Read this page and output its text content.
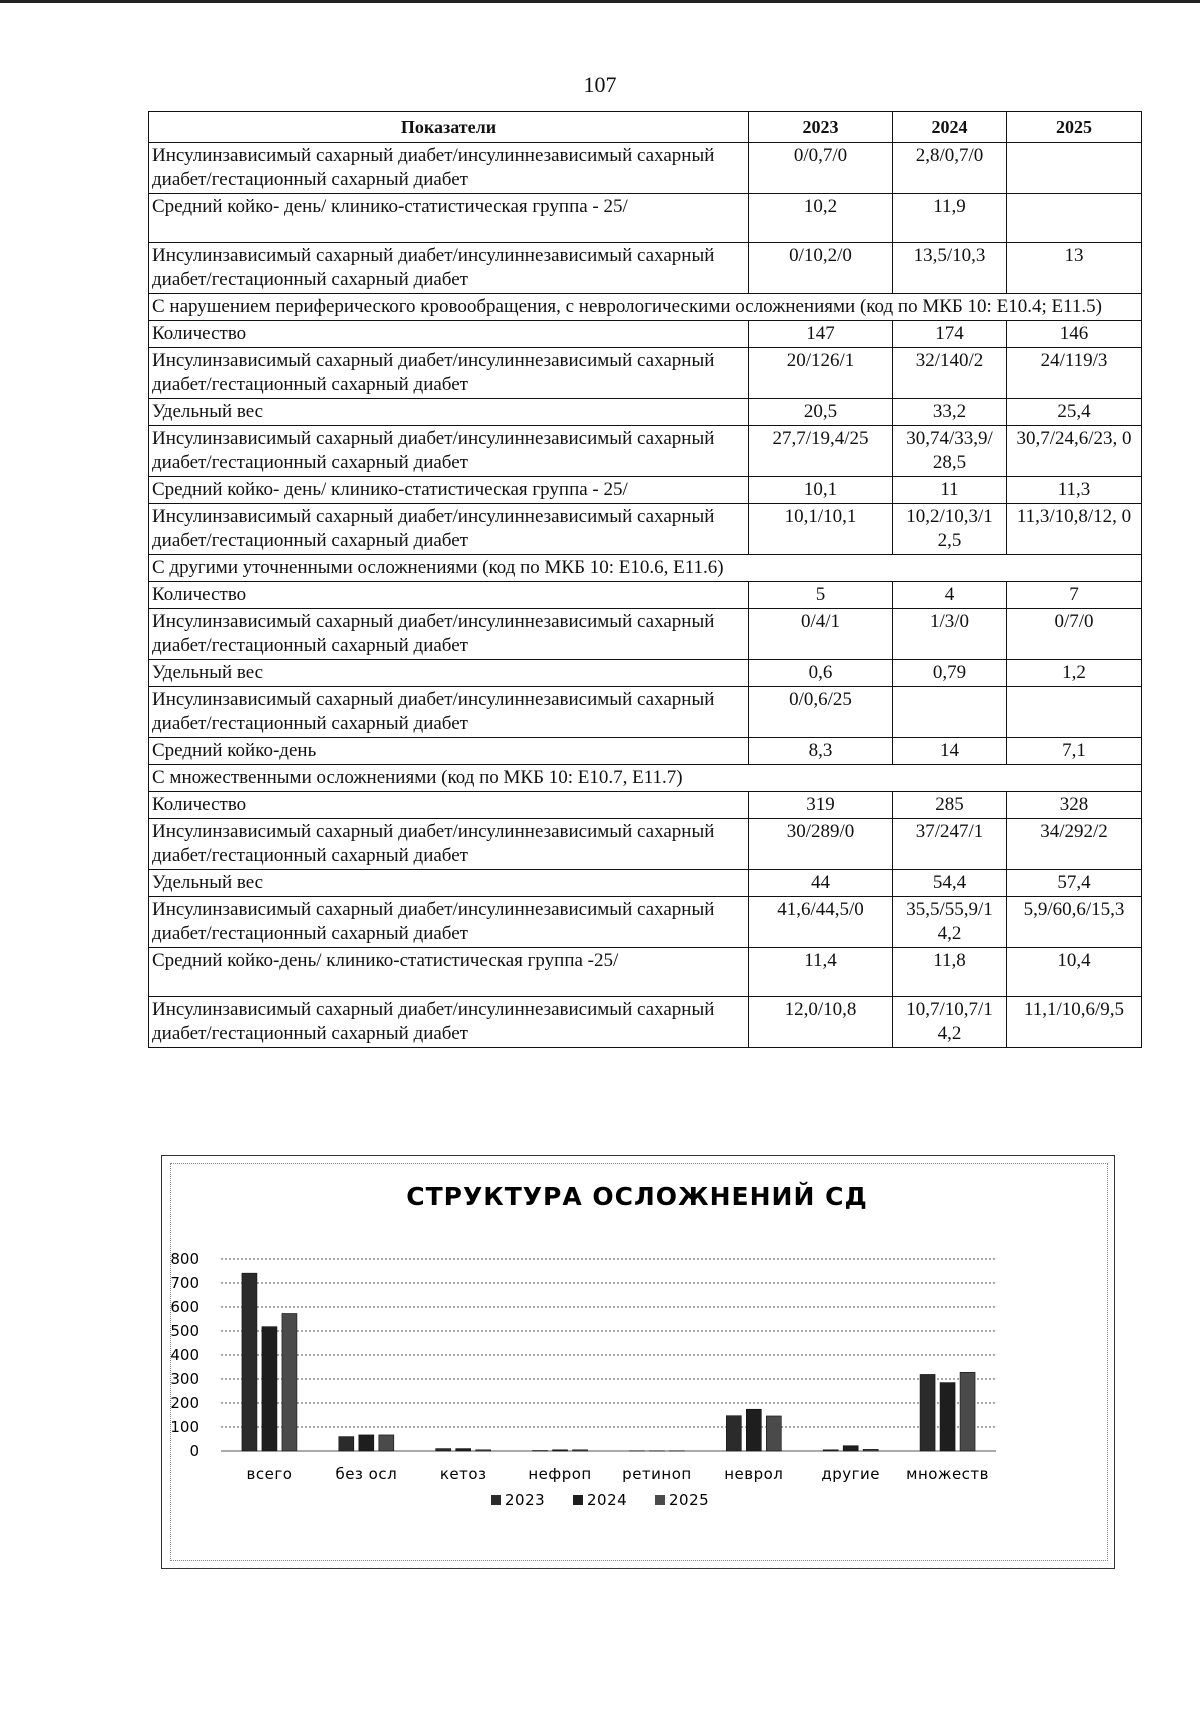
107
Показатели	2023	2024	2025
Инсулинзависимый сахарный диабет/инсулиннезависимый сахарный диабет/гестационный сахарный диабет	0/0,7/0	2,8/0,7/0	
Средний койко- день/ клинико-статистическая группа - 25/	10,2	11,9	
Инсулинзависимый сахарный диабет/инсулиннезависимый сахарный диабет/гестационный сахарный диабет	0/10,2/0	13,5/10,3	13
С нарушением периферического кровообращения, с неврологическими осложнениями (код по МКБ 10: E10.4; E11.5)			
Количество	147	174	146
Инсулинзависимый сахарный диабет/инсулиннезависимый сахарный диабет/гестационный сахарный диабет	20/126/1	32/140/2	24/119/3
Удельный вес	20,5	33,2	25,4
Инсулинзависимый сахарный диабет/инсулиннезависимый сахарный диабет/гестационный сахарный диабет	27,7/19,4/25	30,74/33,9/ 28,5	30,7/24,6/23, 0
Средний койко- день/ клинико-статистическая группа - 25/	10,1	11	11,3
Инсулинзависимый сахарный диабет/инсулиннезависимый сахарный диабет/гестационный сахарный диабет	10,1/10,1	10,2/10,3/1 2,5	11,3/10,8/12, 0
С другими уточненными осложнениями (код по МКБ 10: E10.6, E11.6)			
Количество	5	4	7
Инсулинзависимый сахарный диабет/инсулиннезависимый сахарный диабет/гестационный сахарный диабет	0/4/1	1/3/0	0/7/0
Удельный вес	0,6	0,79	1,2
Инсулинзависимый сахарный диабет/инсулиннезависимый сахарный диабет/гестационный сахарный диабет	0/0,6/25		
Средний койко-день	8,3	14	7,1
С множественными осложнениями (код по МКБ 10: E10.7, E11.7)			
Количество	319	285	328
Инсулинзависимый сахарный диабет/инсулиннезависимый сахарный диабет/гестационный сахарный диабет	30/289/0	37/247/1	34/292/2
Удельный вес	44	54,4	57,4
Инсулинзависимый сахарный диабет/инсулиннезависимый сахарный диабет/гестационный сахарный диабет	41,6/44,5/0	35,5/55,9/1 4,2	5,9/60,6/15,3
Средний койко-день/ клинико-статистическая группа -25/	11,4	11,8	10,4
Инсулинзависимый сахарный диабет/инсулиннезависимый сахарный диабет/гестационный сахарный диабет	12,0/10,8	10,7/10,7/1 4,2	11,1/10,6/9,5
СТРУКТУРА ОСЛОЖНЕНИЙ СД
0
100
200
300
400
500
600
700
800
всего	без осл	кетоз	нефроп ретиноп неврол	другие множеств
2023	2024	2025
